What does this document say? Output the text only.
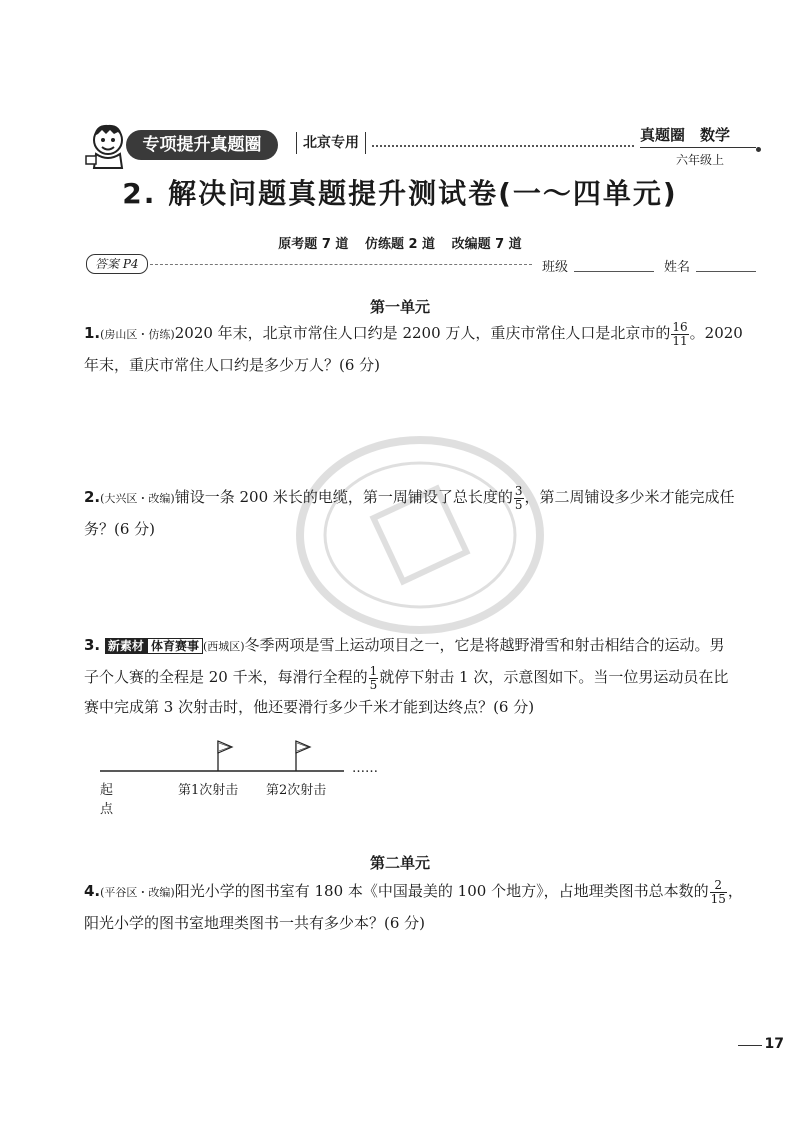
专项提升真题圈	北京专用	真题圈　数学
六年级上
2. 解决问题真题提升测试卷(一～四单元)
原考题 7 道 仿练题 2 道 改编题 7 道
答案 P4	班级	姓名
第一单元
1.(房山区・仿练)2020 年末，北京市常住人口约是 2200 万人，重庆市常住人口是北京市的 $\frac{16}{11}$ 。2020
年末，重庆市常住人口约是多少万人？(6 分)
2.(大兴区・改编)铺设一条 200 米长的电缆，第一周铺设了总长度的 $\frac{3}{5}$ ，第二周铺设多少米才能完成任
务？(6 分)
3. 新素材 体育赛事 (西城区)冬季两项是雪上运动项目之一，它是将越野滑雪和射击相结合的运动。男
子个人赛的全程是 20 千米，每滑行全程的 $\frac{1}{5}$ 就停下射击 1 次，示意图如下。当一位男运动员在比
赛中完成第 3 次射击时，他还要滑行多少千米才能到达终点？(6 分)
……
起点
第1次射击 第2次射击
第二单元
4.(平谷区・改编)阳光小学的图书室有 180 本《中国最美的 100 个地方》，占地理类图书总本数的 $\frac{2}{15}$ ，
阳光小学的图书室地理类图书一共有多少本？(6 分)
17
